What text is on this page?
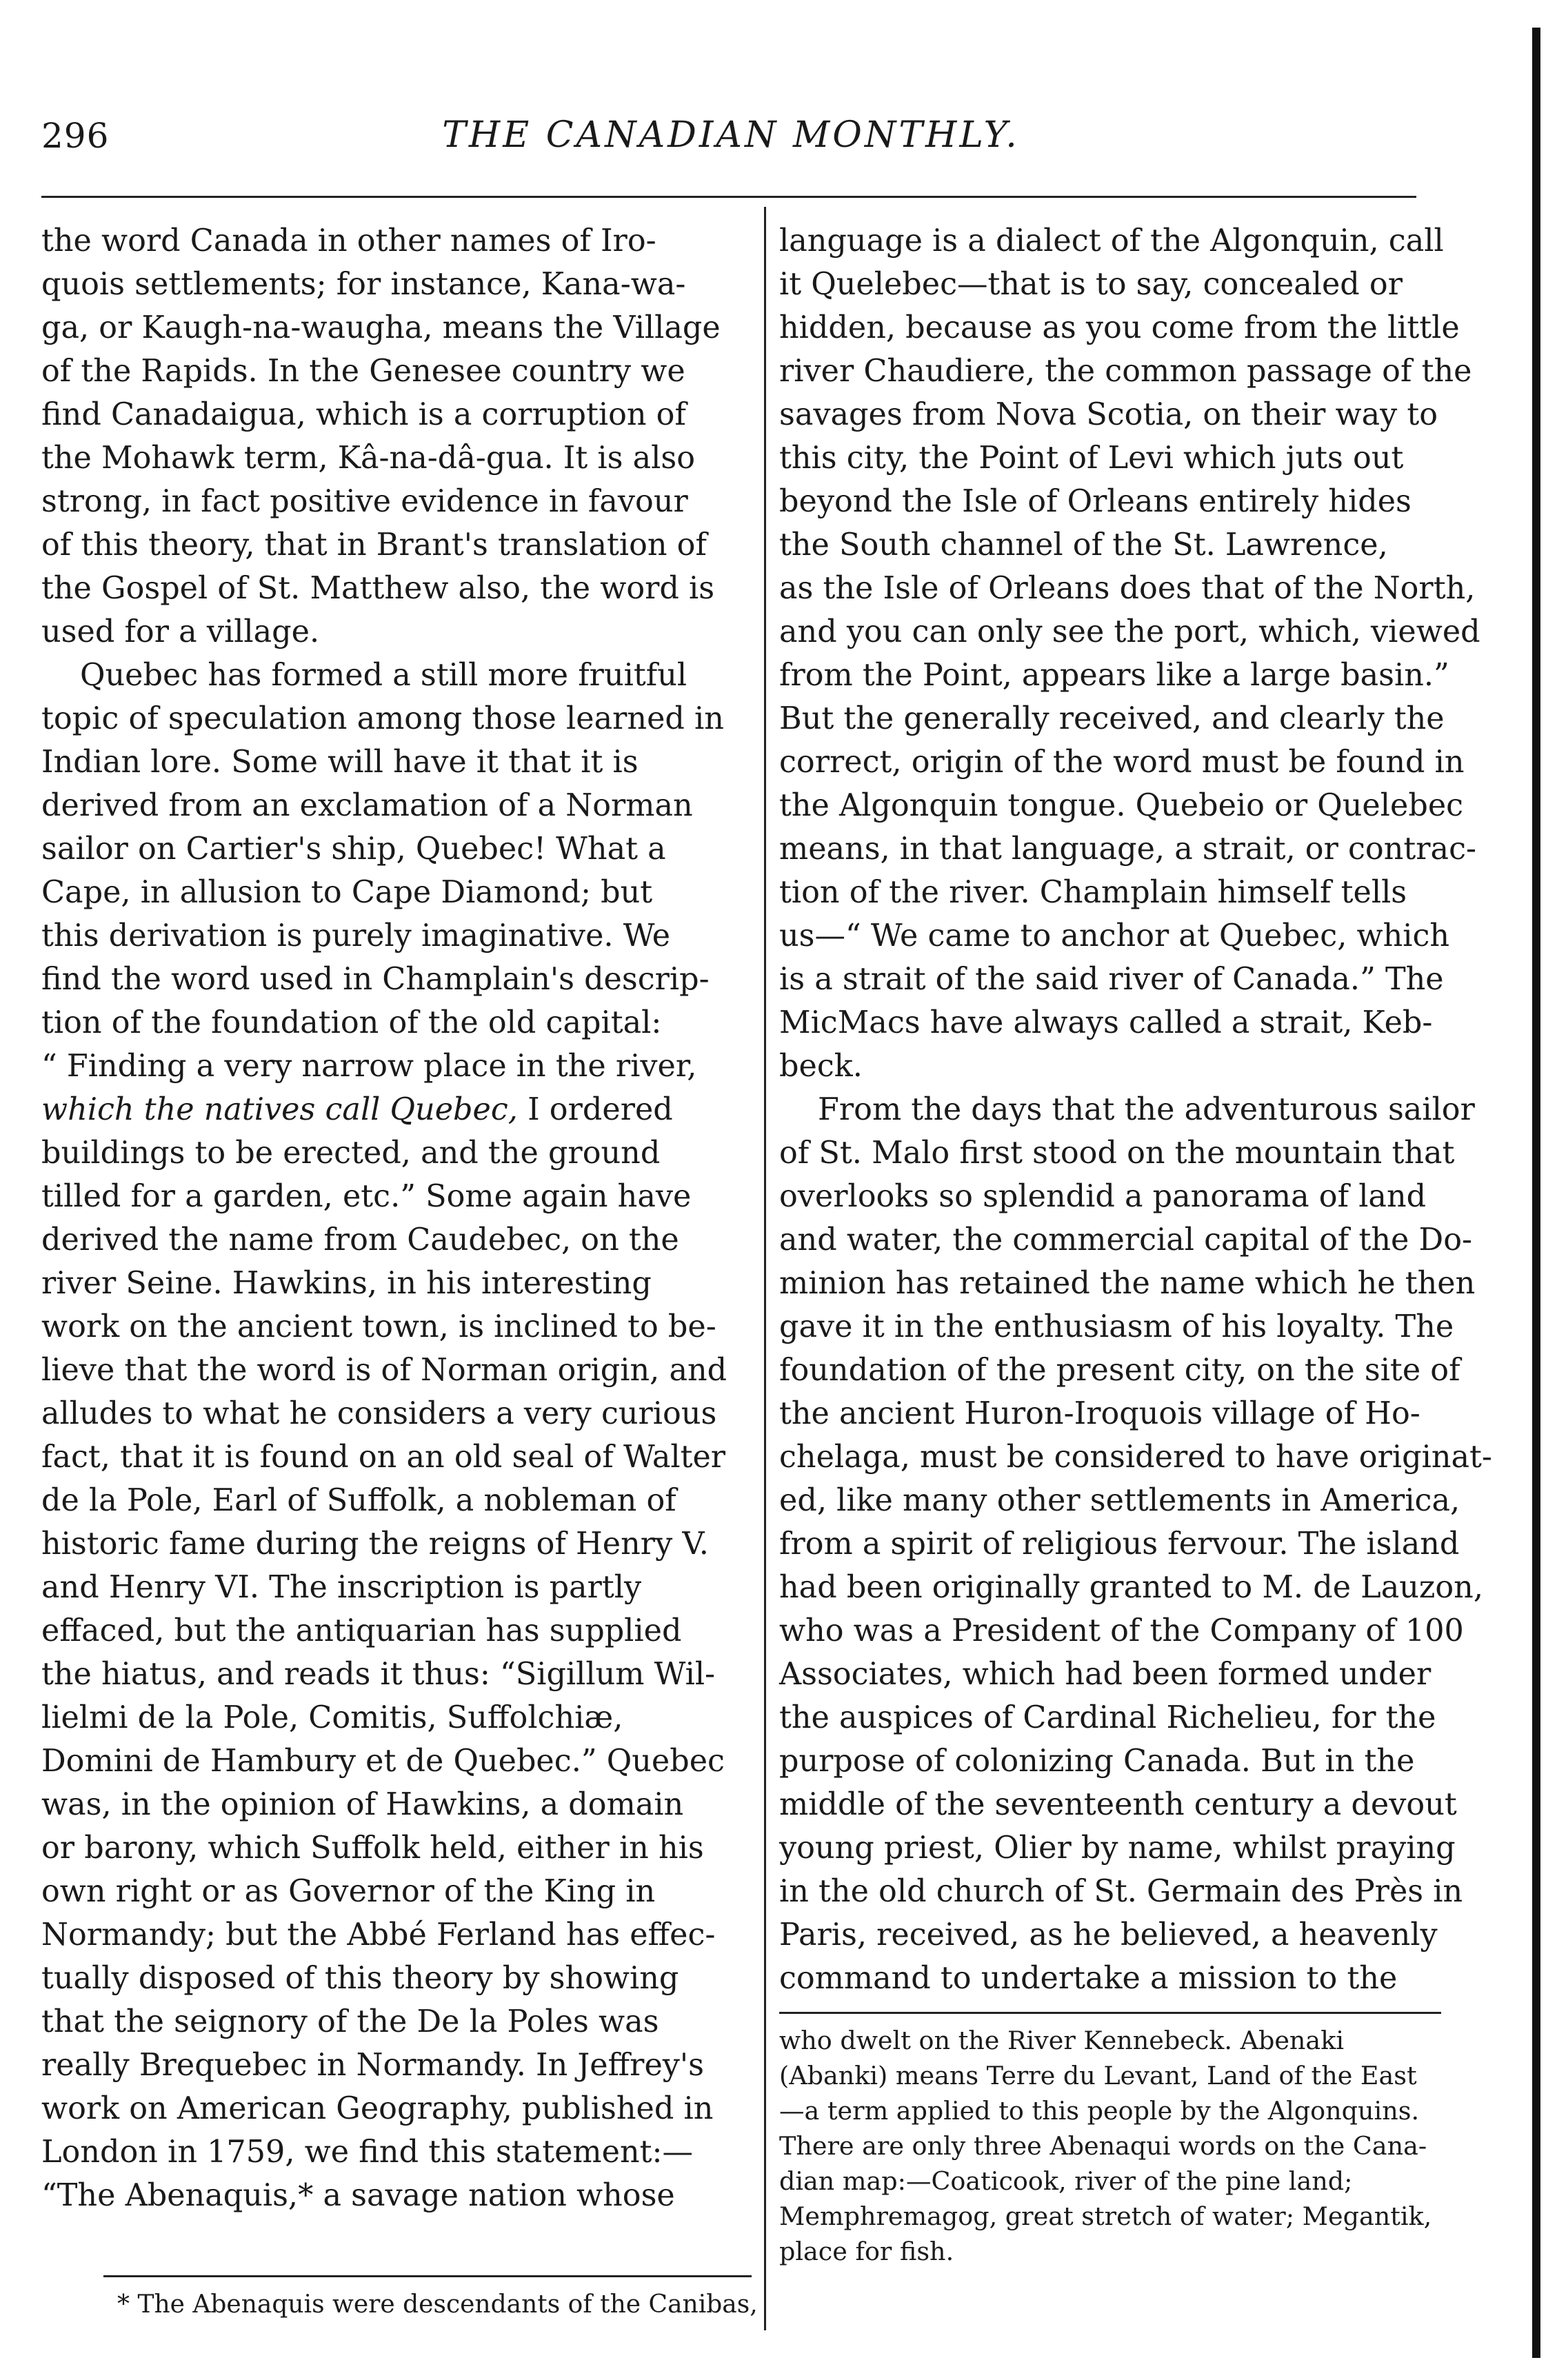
296	THE CANADIAN MONTHLY.
the word Canada in other names of Iro-
quois settlements; for instance, Kana-wa-
ga, or Kaugh-na-waugha, means the Village
of the Rapids. In the Genesee country we
find Canadaigua, which is a corruption of
the Mohawk term, Kâ-na-dâ-gua. It is also
strong, in fact positive evidence in favour
of this theory, that in Brant's translation of
the Gospel of St. Matthew also, the word is
used for a village.
Quebec has formed a still more fruitful
topic of speculation among those learned in
Indian lore. Some will have it that it is
derived from an exclamation of a Norman
sailor on Cartier's ship, Quebec! What a
Cape, in allusion to Cape Diamond; but
this derivation is purely imaginative. We
find the word used in Champlain's descrip-
tion of the foundation of the old capital:
“ Finding a very narrow place in the river,
which the natives call Quebec, I ordered
buildings to be erected, and the ground
tilled for a garden, etc.” Some again have
derived the name from Caudebec, on the
river Seine. Hawkins, in his interesting
work on the ancient town, is inclined to be-
lieve that the word is of Norman origin, and
alludes to what he considers a very curious
fact, that it is found on an old seal of Walter
de la Pole, Earl of Suffolk, a nobleman of
historic fame during the reigns of Henry V.
and Henry VI. The inscription is partly
effaced, but the antiquarian has supplied
the hiatus, and reads it thus: “Sigillum Wil-
lielmi de la Pole, Comitis, Suffolchiæ,
Domini de Hambury et de Quebec.” Quebec
was, in the opinion of Hawkins, a domain
or barony, which Suffolk held, either in his
own right or as Governor of the King in
Normandy; but the Abbé Ferland has effec-
tually disposed of this theory by showing
that the seignory of the De la Poles was
really Brequebec in Normandy. In Jeffrey's
work on American Geography, published in
London in 1759, we find this statement:—
“The Abenaquis,* a savage nation whose
language is a dialect of the Algonquin, call
it Quelebec—that is to say, concealed or
hidden, because as you come from the little
river Chaudiere, the common passage of the
savages from Nova Scotia, on their way to
this city, the Point of Levi which juts out
beyond the Isle of Orleans entirely hides
the South channel of the St. Lawrence,
as the Isle of Orleans does that of the North,
and you can only see the port, which, viewed
from the Point, appears like a large basin.”
But the generally received, and clearly the
correct, origin of the word must be found in
the Algonquin tongue. Quebeio or Quelebec
means, in that language, a strait, or contrac-
tion of the river. Champlain himself tells
us—“ We came to anchor at Quebec, which
is a strait of the said river of Canada.” The
MicMacs have always called a strait, Keb-
beck.
From the days that the adventurous sailor
of St. Malo first stood on the mountain that
overlooks so splendid a panorama of land
and water, the commercial capital of the Do-
minion has retained the name which he then
gave it in the enthusiasm of his loyalty. The
foundation of the present city, on the site of
the ancient Huron-Iroquois village of Ho-
chelaga, must be considered to have originat-
ed, like many other settlements in America,
from a spirit of religious fervour. The island
had been originally granted to M. de Lauzon,
who was a President of the Company of 100
Associates, which had been formed under
the auspices of Cardinal Richelieu, for the
purpose of colonizing Canada. But in the
middle of the seventeenth century a devout
young priest, Olier by name, whilst praying
in the old church of St. Germain des Près in
Paris, received, as he believed, a heavenly
command to undertake a mission to the
* The Abenaquis were descendants of the Canibas,
who dwelt on the River Kennebeck. Abenaki
(Abanki) means Terre du Levant, Land of the East
—a term applied to this people by the Algonquins.
There are only three Abenaqui words on the Cana-
dian map:—Coaticook, river of the pine land;
Memphremagog, great stretch of water; Megantik,
place for fish.
